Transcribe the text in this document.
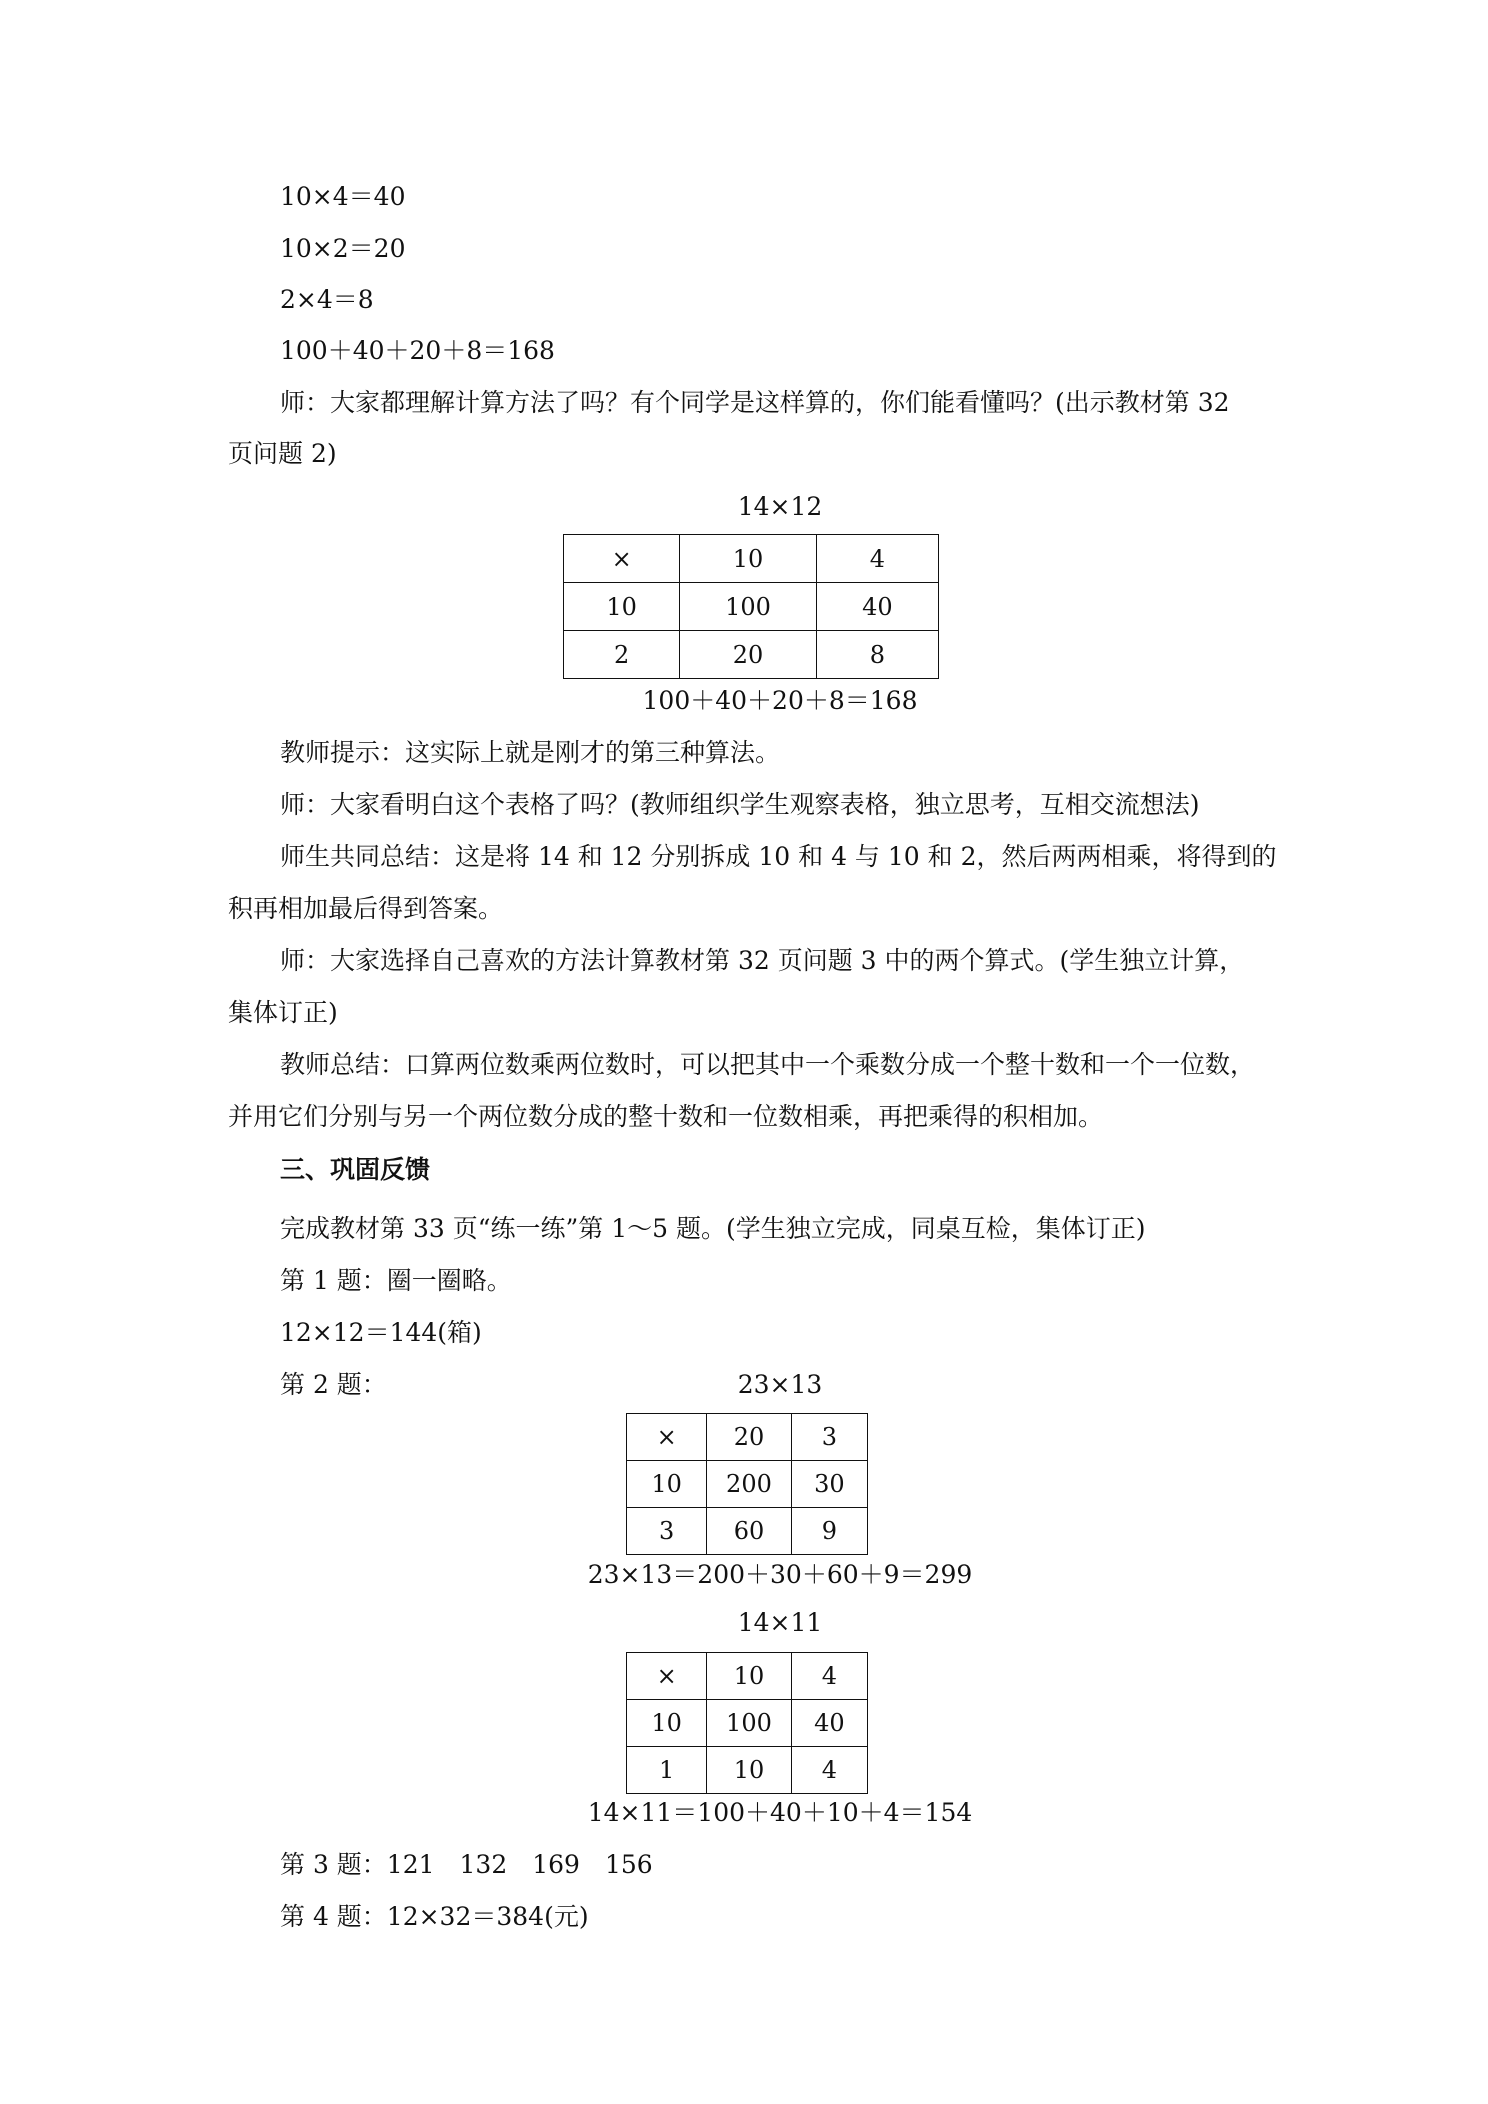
10×4＝40
10×2＝20
2×4＝8
100＋40＋20＋8＝168
师：大家都理解计算方法了吗？有个同学是这样算的，你们能看懂吗？(出示教材第 32
页问题 2)
14×12
×	10	4
10	100	40
2	20	8
100＋40＋20＋8＝168
教师提示：这实际上就是刚才的第三种算法。
师：大家看明白这个表格了吗？(教师组织学生观察表格，独立思考，互相交流想法)
师生共同总结：这是将 14 和 12 分别拆成 10 和 4 与 10 和 2，然后两两相乘，将得到的
积再相加最后得到答案。
师：大家选择自己喜欢的方法计算教材第 32 页问题 3 中的两个算式。(学生独立计算，
集体订正)
教师总结：口算两位数乘两位数时，可以把其中一个乘数分成一个整十数和一个一位数，
并用它们分别与另一个两位数分成的整十数和一位数相乘，再把乘得的积相加。
三、巩固反馈
完成教材第 33 页“练一练”第 1～5 题。(学生独立完成，同桌互检，集体订正)
第 1 题：圈一圈略。
12×12＝144(箱)
第 2 题：	23×13
×	20	3
10	200	30
3	60	9
23×13＝200＋30＋60＋9＝299
14×11
×	10	4
10	100	40
1	10	4
14×11＝100＋40＋10＋4＝154
第 3 题：121　132　169　156
第 4 题：12×32＝384(元)
